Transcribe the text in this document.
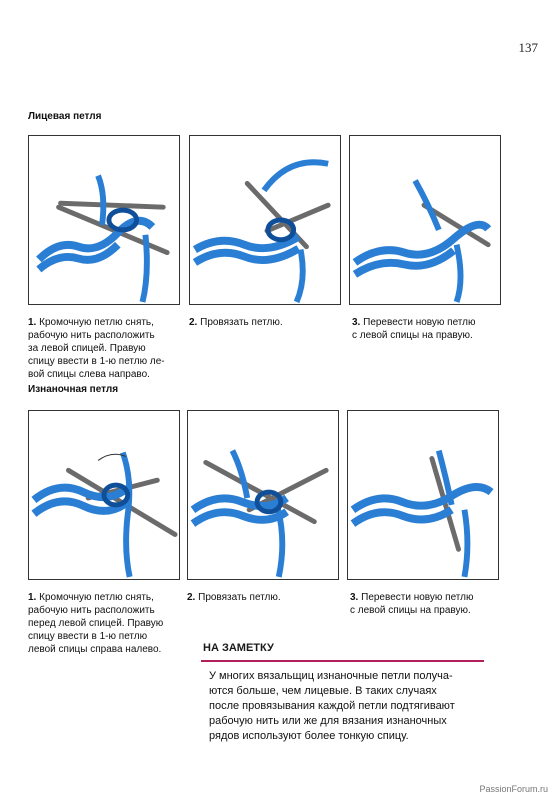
137
Лицевая петля
1. Кромочную петлю снять,
рабочую нить расположить
за левой спицей. Правую
спицу ввести в 1-ю петлю ле-
вой спицы слева направо.
2. Провязать петлю.	3. Перевести новую петлю
с левой спицы на правую.
Изнаночная петля
1. Кромочную петлю снять,
рабочую нить расположить
перед левой спицей. Правую
спицу ввести в 1-ю петлю
левой спицы справа налево.
2. Провязать петлю.	3. Перевести новую петлю
с левой спицы на правую.
НА ЗАМЕТКУ
У многих вязальщиц изнаночные петли получа-
ются больше, чем лицевые. В таких случаях
после провязывания каждой петли подтягивают
рабочую нить или же для вязания изнаночных
рядов используют более тонкую спицу.
PassionForum.ru
